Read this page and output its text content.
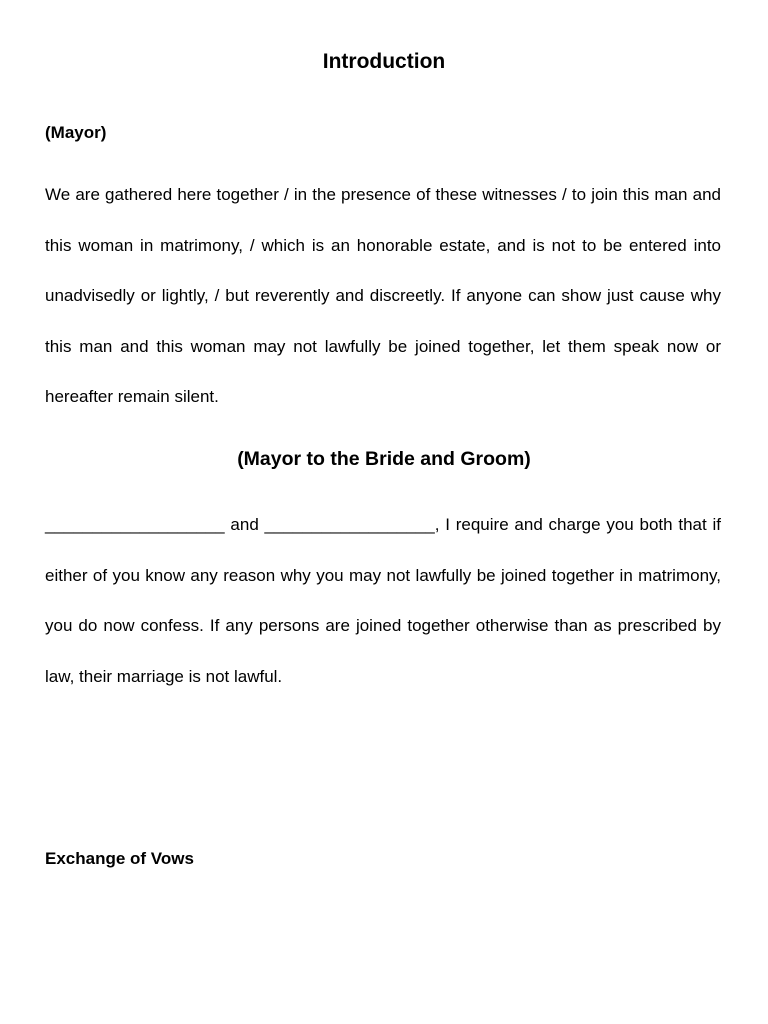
Introduction
(Mayor)

We are gathered here together / in the presence of these witnesses / to join this man and this woman in matrimony, / which is an honorable estate, and is not to be entered into unadvisedly or lightly, / but reverently and discreetly. If anyone can show just cause why this man and this woman may not lawfully be joined together, let them speak now or hereafter remain silent.

(Mayor to the Bride and Groom)

___________________ and __________________, I require and charge you both that if either of you know any reason why you may not lawfully be joined together in matrimony, you do now confess. If any persons are joined together otherwise than as prescribed by law, their marriage is not lawful.

Exchange of Vows
